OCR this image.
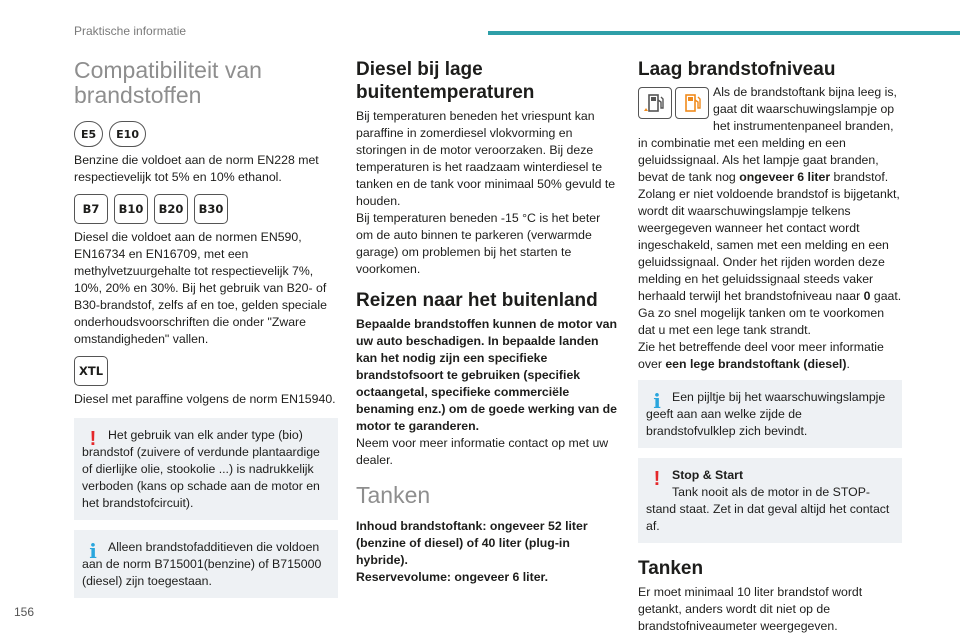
Praktische informatie
Compatibiliteit van brandstoffen
E5	E10

Benzine die voldoet aan de norm EN228 met respectievelijk tot 5% en 10% ethanol.

B7	B10	B20	B30

Diesel die voldoet aan de normen EN590, EN16734 en EN16709, met een methylvetzuurgehalte tot respectievelijk 7%, 10%, 20% en 30%. Bij het gebruik van B20- of B30-brandstof, zelfs af en toe, gelden speciale onderhoudsvoorschriften die onder "Zware omstandigheden" vallen.

XTL

Diesel met paraffine volgens de norm EN15940.

! Het gebruik van elk ander type (bio) brandstof (zuivere of verdunde plantaardige of dierlijke olie, stookolie ...) is nadrukkelijk verboden (kans op schade aan de motor en het brandstofcircuit).

i Alleen brandstofadditieven die voldoen aan de norm B715001(benzine) of B715000 (diesel) zijn toegestaan.

Diesel bij lage buitentemperaturen

Bij temperaturen beneden het vriespunt kan paraffine in zomerdiesel vlokvorming en storingen in de motor veroorzaken. Bij deze temperaturen is het raadzaam winterdiesel te tanken en de tank voor minimaal 50% gevuld te houden.

Bij temperaturen beneden -15 °C is het beter om de auto binnen te parkeren (verwarmde garage) om problemen bij het starten te voorkomen.

Reizen naar het buitenland

Bepaalde brandstoffen kunnen de motor van uw auto beschadigen. In bepaalde landen kan het nodig zijn een specifieke brandstofsoort te gebruiken (specifiek octaangetal, specifieke commerciële benaming enz.) om de goede werking van de motor te garanderen.

Neem voor meer informatie contact op met uw dealer.

Tanken

Inhoud brandstoftank: ongeveer 52 liter (benzine of diesel) of 40 liter (plug-in hybride).

Reservevolume: ongeveer 6 liter.

Laag brandstofniveau

Als de brandstoftank bijna leeg is, gaat dit waarschuwingslampje op het instrumentenpaneel branden, in combinatie met een melding en een geluidssignaal. Als het lampje gaat branden, bevat de tank nog ongeveer 6 liter brandstof.

Zolang er niet voldoende brandstof is bijgetankt, wordt dit waarschuwingslampje telkens weergegeven wanneer het contact wordt ingeschakeld, samen met een melding en een geluidssignaal. Onder het rijden worden deze melding en het geluidssignaal steeds vaker herhaald terwijl het brandstofniveau naar 0 gaat.

Ga zo snel mogelijk tanken om te voorkomen dat u met een lege tank strandt.

Zie het betreffende deel voor meer informatie over een lege brandstoftank (diesel).

i Een pijltje bij het waarschuwingslampje geeft aan aan welke zijde de brandstofvulklep zich bevindt.

! Stop & Start

Tank nooit als de motor in de STOP-stand staat. Zet in dat geval altijd het contact af.

Tanken

Er moet minimaal 10 liter brandstof wordt getankt, anders wordt dit niet op de brandstofniveaumeter weergegeven.

156
